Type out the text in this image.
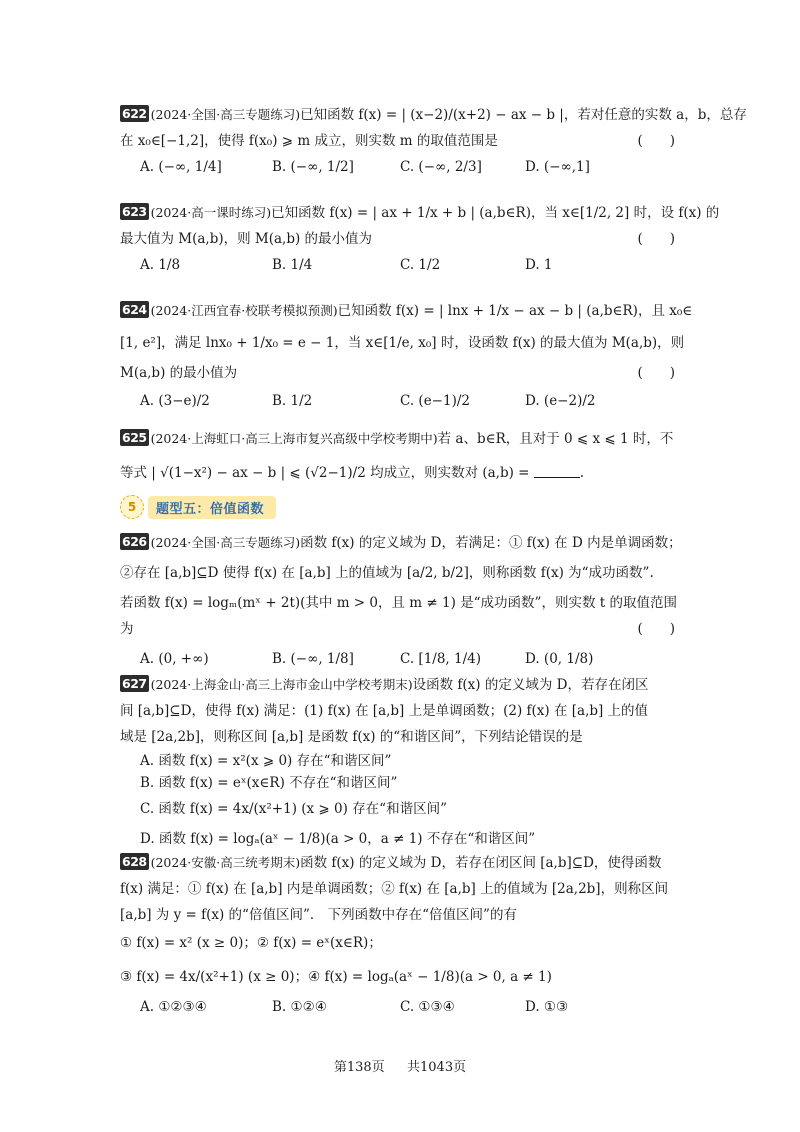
622 (2024·全国·高三专题练习)已知函数 f(x) = | (x−2)/(x+2) − ax − b |，若对任意的实数 a，b，总存
在 x₀∈[−1,2]，使得 f(x₀) ⩾ m 成立，则实数 m 的取值范围是	(　　)
A. (−∞, 1/4]	B. (−∞, 1/2]	C. (−∞, 2/3]	D. (−∞,1]
623 (2024·高一课时练习)已知函数 f(x) = | ax + 1/x + b | (a,b∈R)，当 x∈[1/2, 2] 时，设 f(x) 的
最大值为 M(a,b)，则 M(a,b) 的最小值为	(　　)
A. 1/8	B. 1/4	C. 1/2	D. 1
624 (2024·江西宜春·校联考模拟预测)已知函数 f(x) = | lnx + 1/x − ax − b | (a,b∈R)，且 x₀∈
[1, e²]，满足 lnx₀ + 1/x₀ = e − 1，当 x∈[1/e, x₀] 时，设函数 f(x) 的最大值为 M(a,b)，则
M(a,b) 的最小值为	(　　)
A. (3−e)/2	B. 1/2	C. (e−1)/2	D. (e−2)/2
625 (2024·上海虹口·高三上海市复兴高级中学校考期中)若 a、b∈R，且对于 0 ⩽ x ⩽ 1 时，不
等式 | √(1−x²) − ax − b | ⩽ (√2−1)/2 均成立，则实数对 (a,b) =	.
5	题型五：倍值函数
626 (2024·全国·高三专题练习)函数 f(x) 的定义域为 D，若满足：① f(x) 在 D 内是单调函数；
②存在 [a,b]⊆D 使得 f(x) 在 [a,b] 上的值域为 [a/2, b/2]，则称函数 f(x) 为“成功函数”.
若函数 f(x) = logₘ(mˣ + 2t)(其中 m > 0，且 m ≠ 1) 是“成功函数”，则实数 t 的取值范围
为	(　　)
A. (0, +∞)	B. (−∞, 1/8]	C. [1/8, 1/4)	D. (0, 1/8)
627 (2024·上海金山·高三上海市金山中学校考期末)设函数 f(x) 的定义域为 D，若存在闭区
间 [a,b]⊆D，使得 f(x) 满足：(1) f(x) 在 [a,b] 上是单调函数；(2) f(x) 在 [a,b] 上的值
域是 [2a,2b]，则称区间 [a,b] 是函数 f(x) 的“和谐区间”，下列结论错误的是
A. 函数 f(x) = x²(x ⩾ 0) 存在“和谐区间”
B. 函数 f(x) = eˣ(x∈R) 不存在“和谐区间”
C. 函数 f(x) = 4x/(x²+1) (x ⩾ 0) 存在“和谐区间”
D. 函数 f(x) = logₐ(aˣ − 1/8)(a > 0，a ≠ 1) 不存在“和谐区间”
628 (2024·安徽·高三统考期末)函数 f(x) 的定义域为 D，若存在闭区间 [a,b]⊆D，使得函数
f(x) 满足：① f(x) 在 [a,b] 内是单调函数；② f(x) 在 [a,b] 上的值域为 [2a,2b]，则称区间
[a,b] 为 y = f(x) 的“倍值区间”． 下列函数中存在“倍值区间”的有
① f(x) = x² (x ≥ 0)；② f(x) = eˣ(x∈R)；
③ f(x) = 4x/(x²+1) (x ≥ 0)；④ f(x) = logₐ(aˣ − 1/8)(a > 0, a ≠ 1)
A. ①②③④	B. ①②④	C. ①③④	D. ①③
第138页 共1043页
